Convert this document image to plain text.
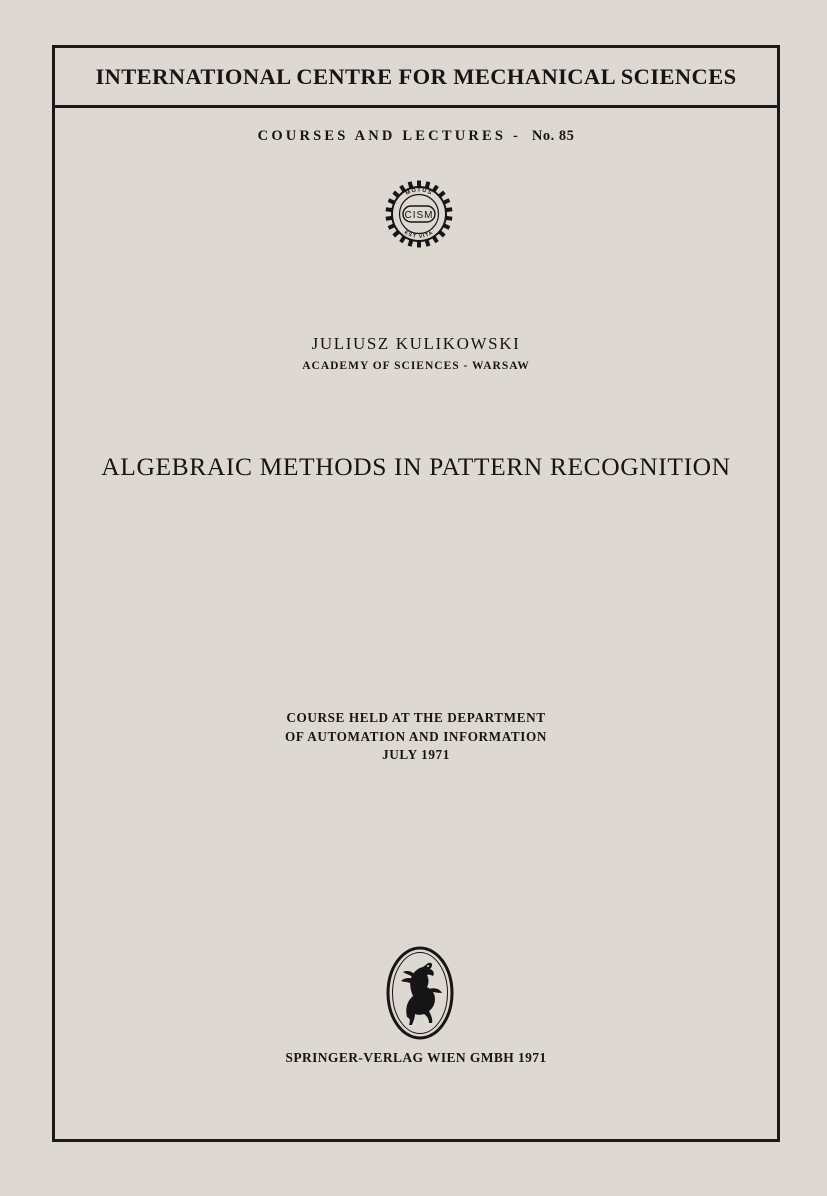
INTERNATIONAL CENTRE FOR MECHANICAL SCIENCES
COURSES AND LECTURES - No. 85
MOTUS
EST VITA
CISM
JULIUSZ KULIKOWSKI
ACADEMY OF SCIENCES - WARSAW
ALGEBRAIC METHODS IN PATTERN RECOGNITION
COURSE HELD AT THE DEPARTMENT
OF AUTOMATION AND INFORMATION
JULY 1971
SPRINGER-VERLAG WIEN GMBH 1971
